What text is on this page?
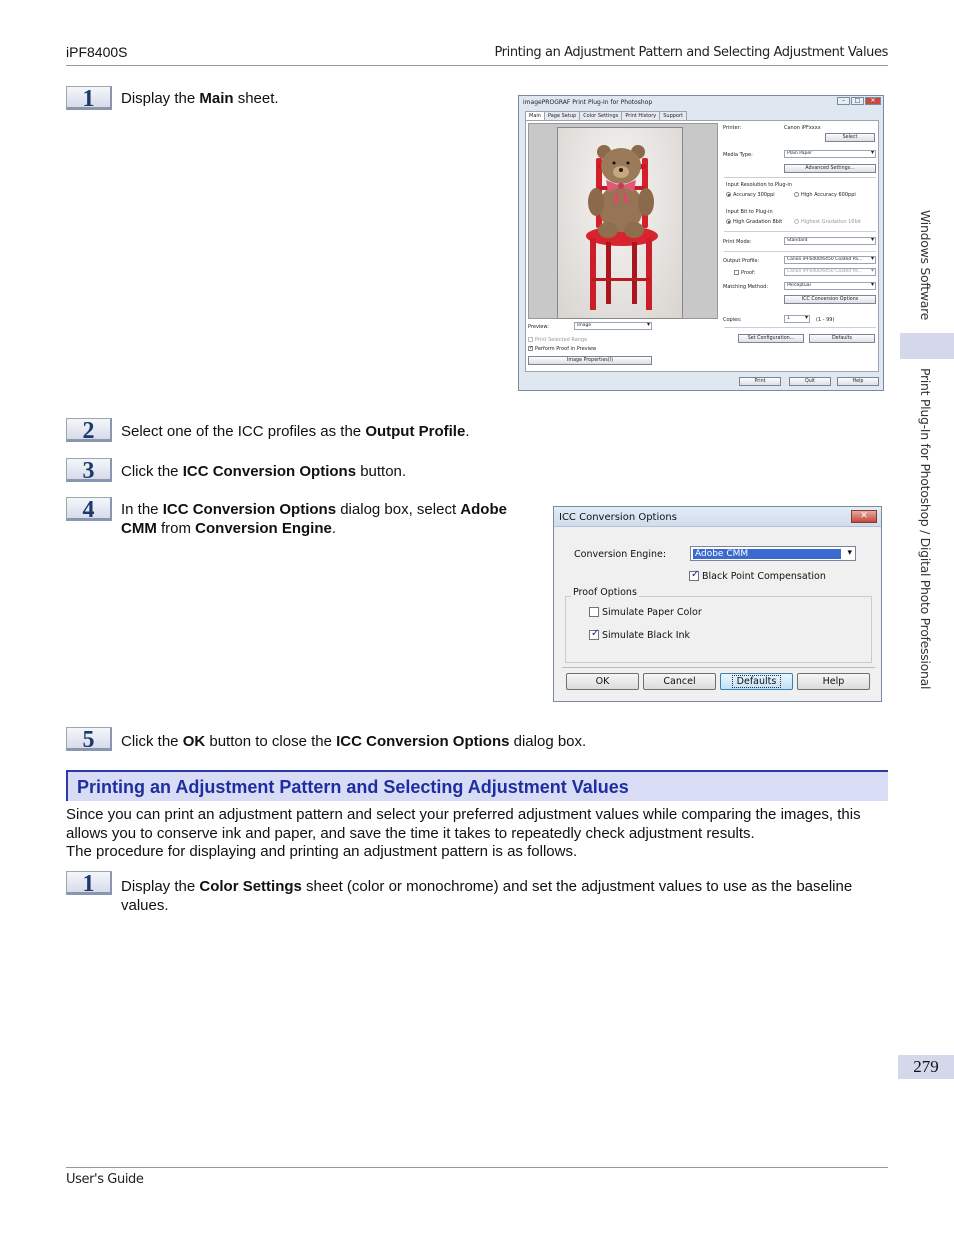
iPF8400S	Printing an Adjustment Pattern and Selecting Adjustment Values
Windows Software
Print Plug-In for Photoshop / Digital Photo Professional
1	Display the Main sheet.	imagePROGRAF Print Plug-In for Photoshop	–	□	✕
Main	Page Setup	Color Settings	Print History	Support
Printer:	Canon iPFxxxx
Select
Media Type:	Plain Paper ▾
Advanced Settings...
Input Resolution to Plug-in
Accuracy 300ppi	High Accuracy 600ppi
Input Bit to Plug-in
High Gradation 8bit	Highest Gradation 16bit
Print Mode:	Standard ▾
Output Profile:	Canon iPF6400/6450 Coated Pa... ▾
Proof:	Canon iPF6400/6450 Coated Pa... ▾
Matching Method:	Perceptual ▾
ICC Conversion Options
Copies:	1 ▾	(1 - 99)
Set Configuration...	Defaults
Preview:	Image ▾
Print Selected Range
✓
Perform Proof in Preview
Image Properties(I)
Print	Quit	Help
2	Select one of the ICC profiles as the Output Profile.
3	Click the ICC Conversion Options button.
4	In the ICC Conversion Options dialog box, select Adobe CMM from Conversion Engine.
ICC Conversion Options	✕
Conversion Engine:	Adobe CMM	▾
✓
Black Point Compensation
Proof Options
Simulate Paper Color
✓
Simulate Black Ink
OK	Cancel	Defaults	Help
5	Click the OK button to close the ICC Conversion Options dialog box.
Printing an Adjustment Pattern and Selecting Adjustment Values
Since you can print an adjustment pattern and select your preferred adjustment values while comparing the images, this allows you to conserve ink and paper, and save the time it takes to repeatedly check adjustment results.
The procedure for displaying and printing an adjustment pattern is as follows.
1	Display the Color Settings sheet (color or monochrome) and set the adjustment values to use as the baseline values.
279
User's Guide
